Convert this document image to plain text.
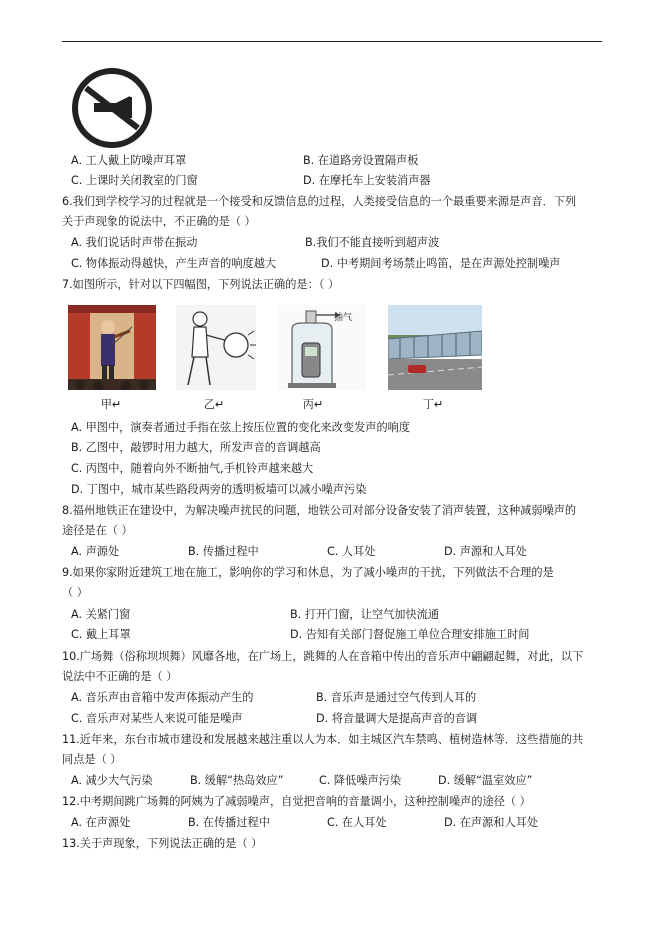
A. 工人戴上防噪声耳罩	B. 在道路旁设置隔声板
C. 上课时关闭教室的门窗	D. 在摩托车上安装消声器
6.我们到学校学习的过程就是一个接受和反馈信息的过程，人类接受信息的一个最重要来源是声音．下列
关于声现象的说法中，不正确的是（ ）
A. 我们说话时声带在振动	B.我们不能直接听到超声波
C. 物体振动得越快，产生声音的响度越大	D. 中考期间考场禁止鸣笛，是在声源处控制噪声
7.如图所示，针对以下四幅图，下列说法正确的是：（ ）
抽气
甲↵	乙↵	丙↵	丁↵
A. 甲图中，演奏者通过手指在弦上按压位置的变化来改变发声的响度
B. 乙图中，敲锣时用力越大，所发声音的音调越高
C. 丙图中，随着向外不断抽气,手机铃声越来越大
D. 丁图中，城市某些路段两旁的透明板墙可以减小噪声污染
8.福州地铁正在建设中，为解决噪声扰民的问题，地铁公司对部分设备安装了消声装置，这种减弱噪声的
途径是在（ ）
A. 声源处	B. 传播过程中	C. 人耳处	D. 声源和人耳处
9.如果你家附近建筑工地在施工，影响你的学习和休息，为了减小噪声的干扰，下列做法不合理的是
（ ）
A. 关紧门窗	B. 打开门窗，让空气加快流通
C. 戴上耳罩	D. 告知有关部门督促施工单位合理安排施工时间
10.广场舞（俗称坝坝舞）风靡各地，在广场上，跳舞的人在音箱中传出的音乐声中翩翩起舞，对此，以下
说法中不正确的是（ ）
A. 音乐声由音箱中发声体振动产生的	B. 音乐声是通过空气传到人耳的
C. 音乐声对某些人来说可能是噪声	D. 将音量调大是提高声音的音调
11.近年来，东台市城市建设和发展越来越注重以人为本．如主城区汽车禁鸣、植树造林等．这些措施的共
同点是（ ）
A. 减少大气污染	B. 缓解“热岛效应”	C. 降低噪声污染	D. 缓解“温室效应”
12.中考期间跳广场舞的阿姨为了减弱噪声，自觉把音响的音量调小，这种控制噪声的途径（ ）
A. 在声源处	B. 在传播过程中	C. 在人耳处	D. 在声源和人耳处
13.关于声现象，下列说法正确的是（ ）
